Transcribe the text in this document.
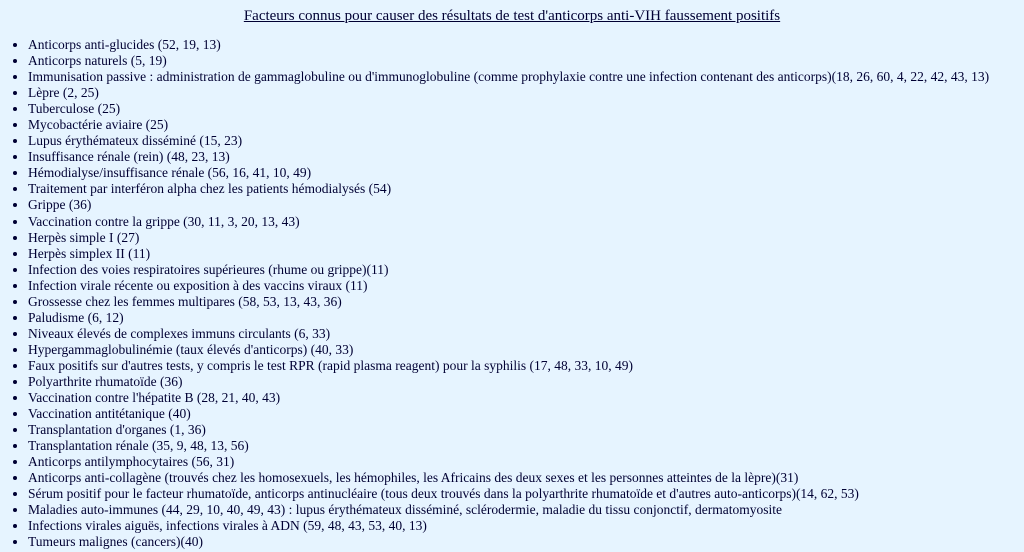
Facteurs connus pour causer des résultats de test d'anticorps anti-VIH faussement positifs
• Anticorps anti-glucides (52, 19, 13)
• Anticorps naturels (5, 19)
• Immunisation passive : administration de gammaglobuline ou d'immunoglobuline (comme prophylaxie contre une infection contenant des anticorps)(18, 26, 60, 4, 22, 42, 43, 13)
• Lèpre (2, 25)
• Tuberculose (25)
• Mycobactérie aviaire (25)
• Lupus érythémateux disséminé (15, 23)
• Insuffisance rénale (rein) (48, 23, 13)
• Hémodialyse/insuffisance rénale (56, 16, 41, 10, 49)
• Traitement par interféron alpha chez les patients hémodialysés (54)
• Grippe (36)
• Vaccination contre la grippe (30, 11, 3, 20, 13, 43)
• Herpès simple I (27)
• Herpès simplex II (11)
• Infection des voies respiratoires supérieures (rhume ou grippe)(11)
• Infection virale récente ou exposition à des vaccins viraux (11)
• Grossesse chez les femmes multipares (58, 53, 13, 43, 36)
• Paludisme (6, 12)
• Niveaux élevés de complexes immuns circulants (6, 33)
• Hypergammaglobulinémie (taux élevés d'anticorps) (40, 33)
• Faux positifs sur d'autres tests, y compris le test RPR (rapid plasma reagent) pour la syphilis (17, 48, 33, 10, 49)
• Polyarthrite rhumatoïde (36)
• Vaccination contre l'hépatite B (28, 21, 40, 43)
• Vaccination antitétanique (40)
• Transplantation d'organes (1, 36)
• Transplantation rénale (35, 9, 48, 13, 56)
• Anticorps antilymphocytaires (56, 31)
• Anticorps anti-collagène (trouvés chez les homosexuels, les hémophiles, les Africains des deux sexes et les personnes atteintes de la lèpre)(31)
• Sérum positif pour le facteur rhumatoïde, anticorps antinucléaire (tous deux trouvés dans la polyarthrite rhumatoïde et d'autres auto-anticorps)(14, 62, 53)
• Maladies auto-immunes (44, 29, 10, 40, 49, 43) : lupus érythémateux disséminé, sclérodermie, maladie du tissu conjonctif, dermatomyosite
• Infections virales aiguës, infections virales à ADN (59, 48, 43, 53, 40, 13)
• Tumeurs malignes (cancers)(40)
